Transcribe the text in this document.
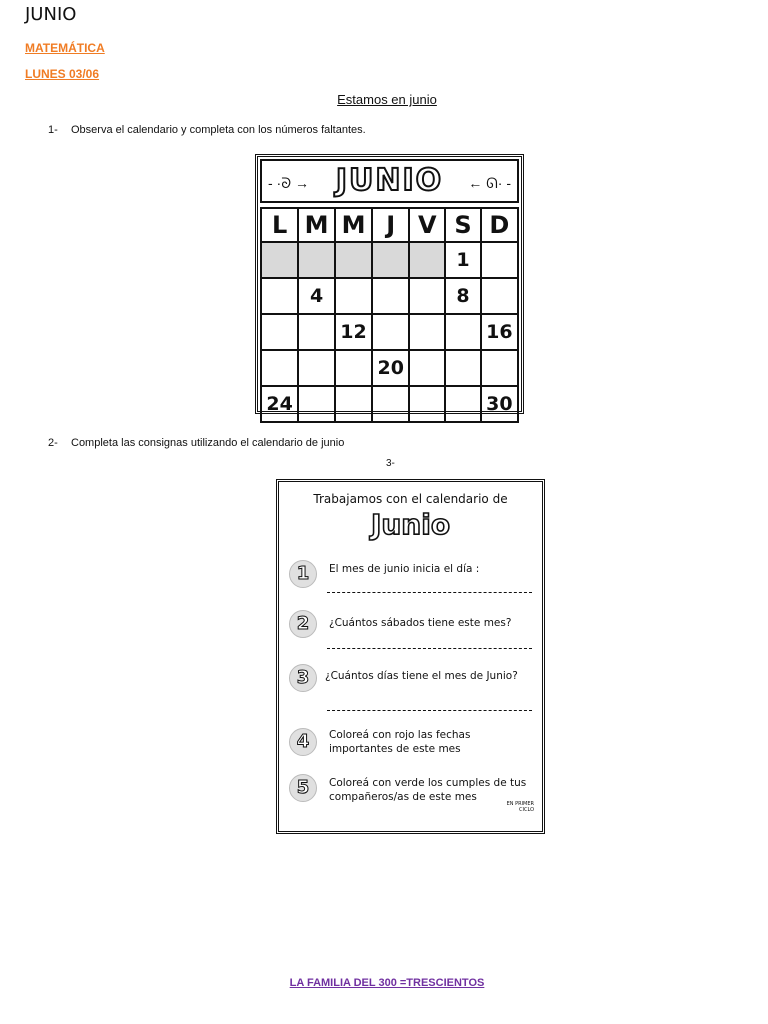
JUNIO
MATEMÁTICA
LUNES 03/06
Estamos en junio
1- Observa el calendario y completa con los números faltantes.
- ·ᘐ → JUNIO	← ᘏ· -
L	M	M	J	V	S	D
					1	
	4				8	
		12				16
			20			
24						30
2- Completa las consignas utilizando el calendario de junio
3-
Trabajamos con el calendario de
Junio
1	El mes de junio inicia el día :
2	¿Cuántos sábados tiene este mes?
3	¿Cuántos días tiene el mes de Junio?
4	Coloreá con rojo las fechas importantes de este mes
5	Coloreá con verde los cumples de tus compañeros/as de este mes
EN PRIMER CICLO
LA FAMILIA DEL 300 =TRESCIENTOS
